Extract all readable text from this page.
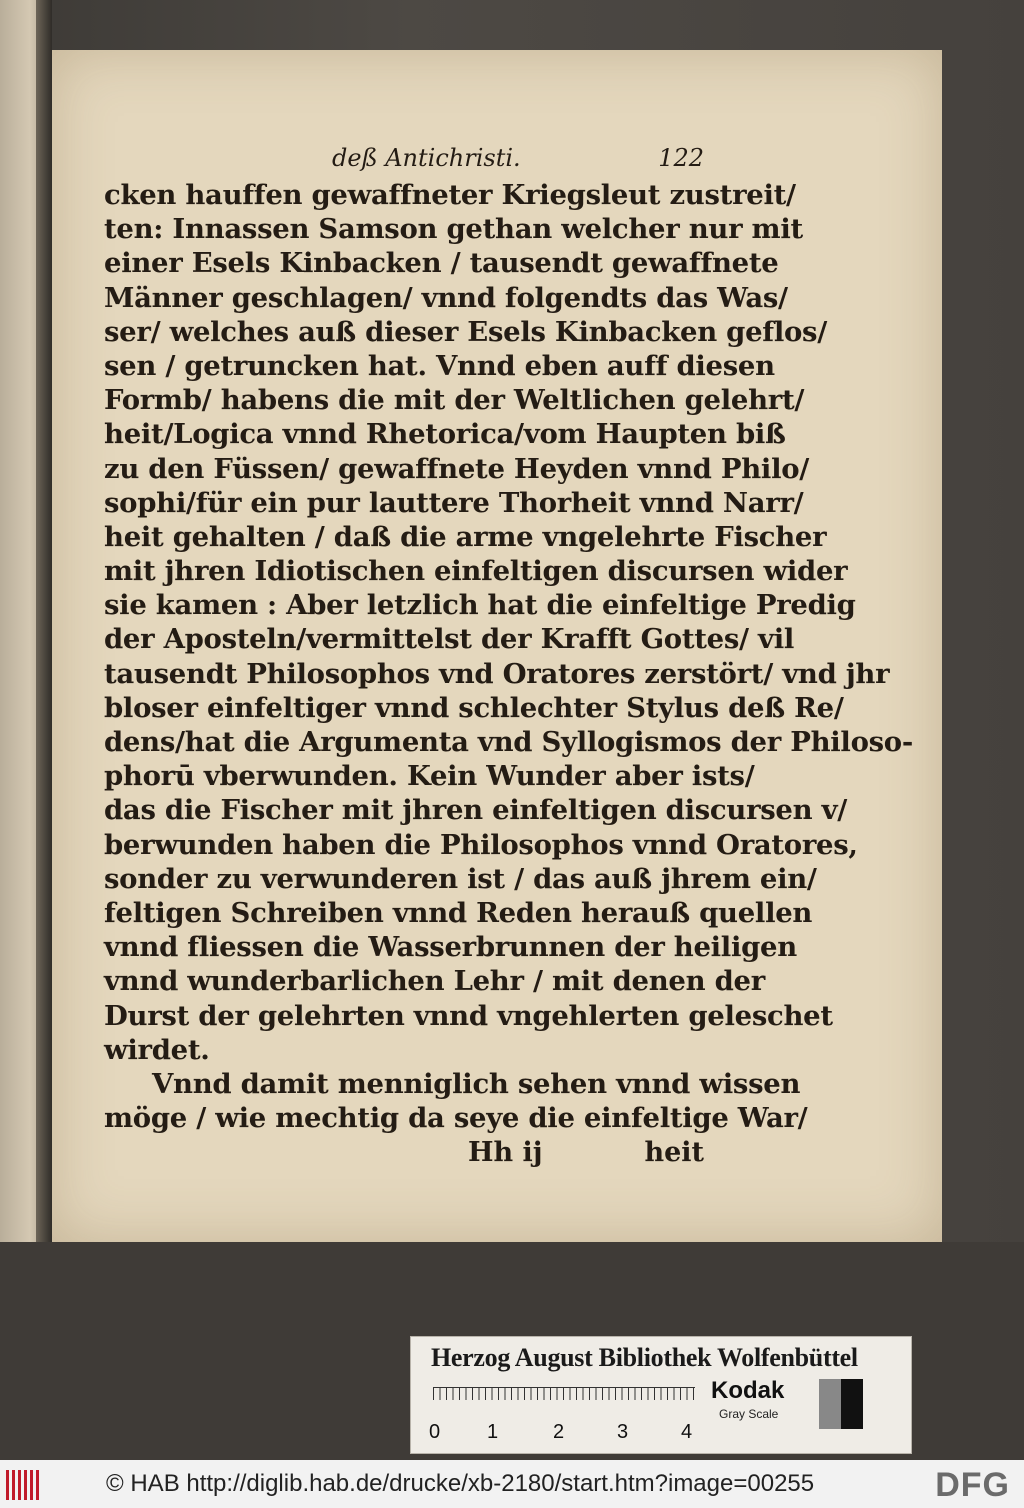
deß Antichristi.	122
cken hauffen gewaffneter Kriegsleut zustreit/
ten: Innassen Samson gethan welcher nur mit
einer Esels Kinbacken / tausendt gewaffnete
Männer geschlagen/ vnnd folgendts das Was/
ser/ welches auß dieser Esels Kinbacken geflos/
sen / getruncken hat. Vnnd eben auff diesen
Formb/ habens die mit der Weltlichen gelehrt/
heit/Logica vnnd Rhetorica/vom Haupten biß
zu den Füssen/ gewaffnete Heyden vnnd Philo/
sophi/für ein pur lauttere Thorheit vnnd Narr/
heit gehalten / daß die arme vngelehrte Fischer
mit jhren Idiotischen einfeltigen discursen wider
sie kamen : Aber letzlich hat die einfeltige Predig
der Aposteln/vermittelst der Krafft Gottes/ vil
tausendt Philosophos vnd Oratores zerstört/ vnd jhr
bloser einfeltiger vnnd schlechter Stylus deß Re/
dens/hat die Argumenta vnd Syllogismos der Philoso-
phorū vberwunden. Kein Wunder aber ists/
das die Fischer mit jhren einfeltigen discursen v/
berwunden haben die Philosophos vnnd Oratores,
sonder zu verwunderen ist / das auß jhrem ein/
feltigen Schreiben vnnd Reden herauß quellen
vnnd fliessen die Wasserbrunnen der heiligen
vnnd wunderbarlichen Lehr / mit denen der
Durst der gelehrten vnnd vngehlerten geleschet
wirdet.
Vnnd damit menniglich sehen vnnd wissen
möge / wie mechtig da seye die einfeltige War/
Hh ij	heit
Herzog August Bibliothek Wolfenbüttel
0 1	2	3	4
Kodak
Gray Scale
© HAB http://diglib.hab.de/drucke/xb-2180/start.htm?image=00255	DFG
